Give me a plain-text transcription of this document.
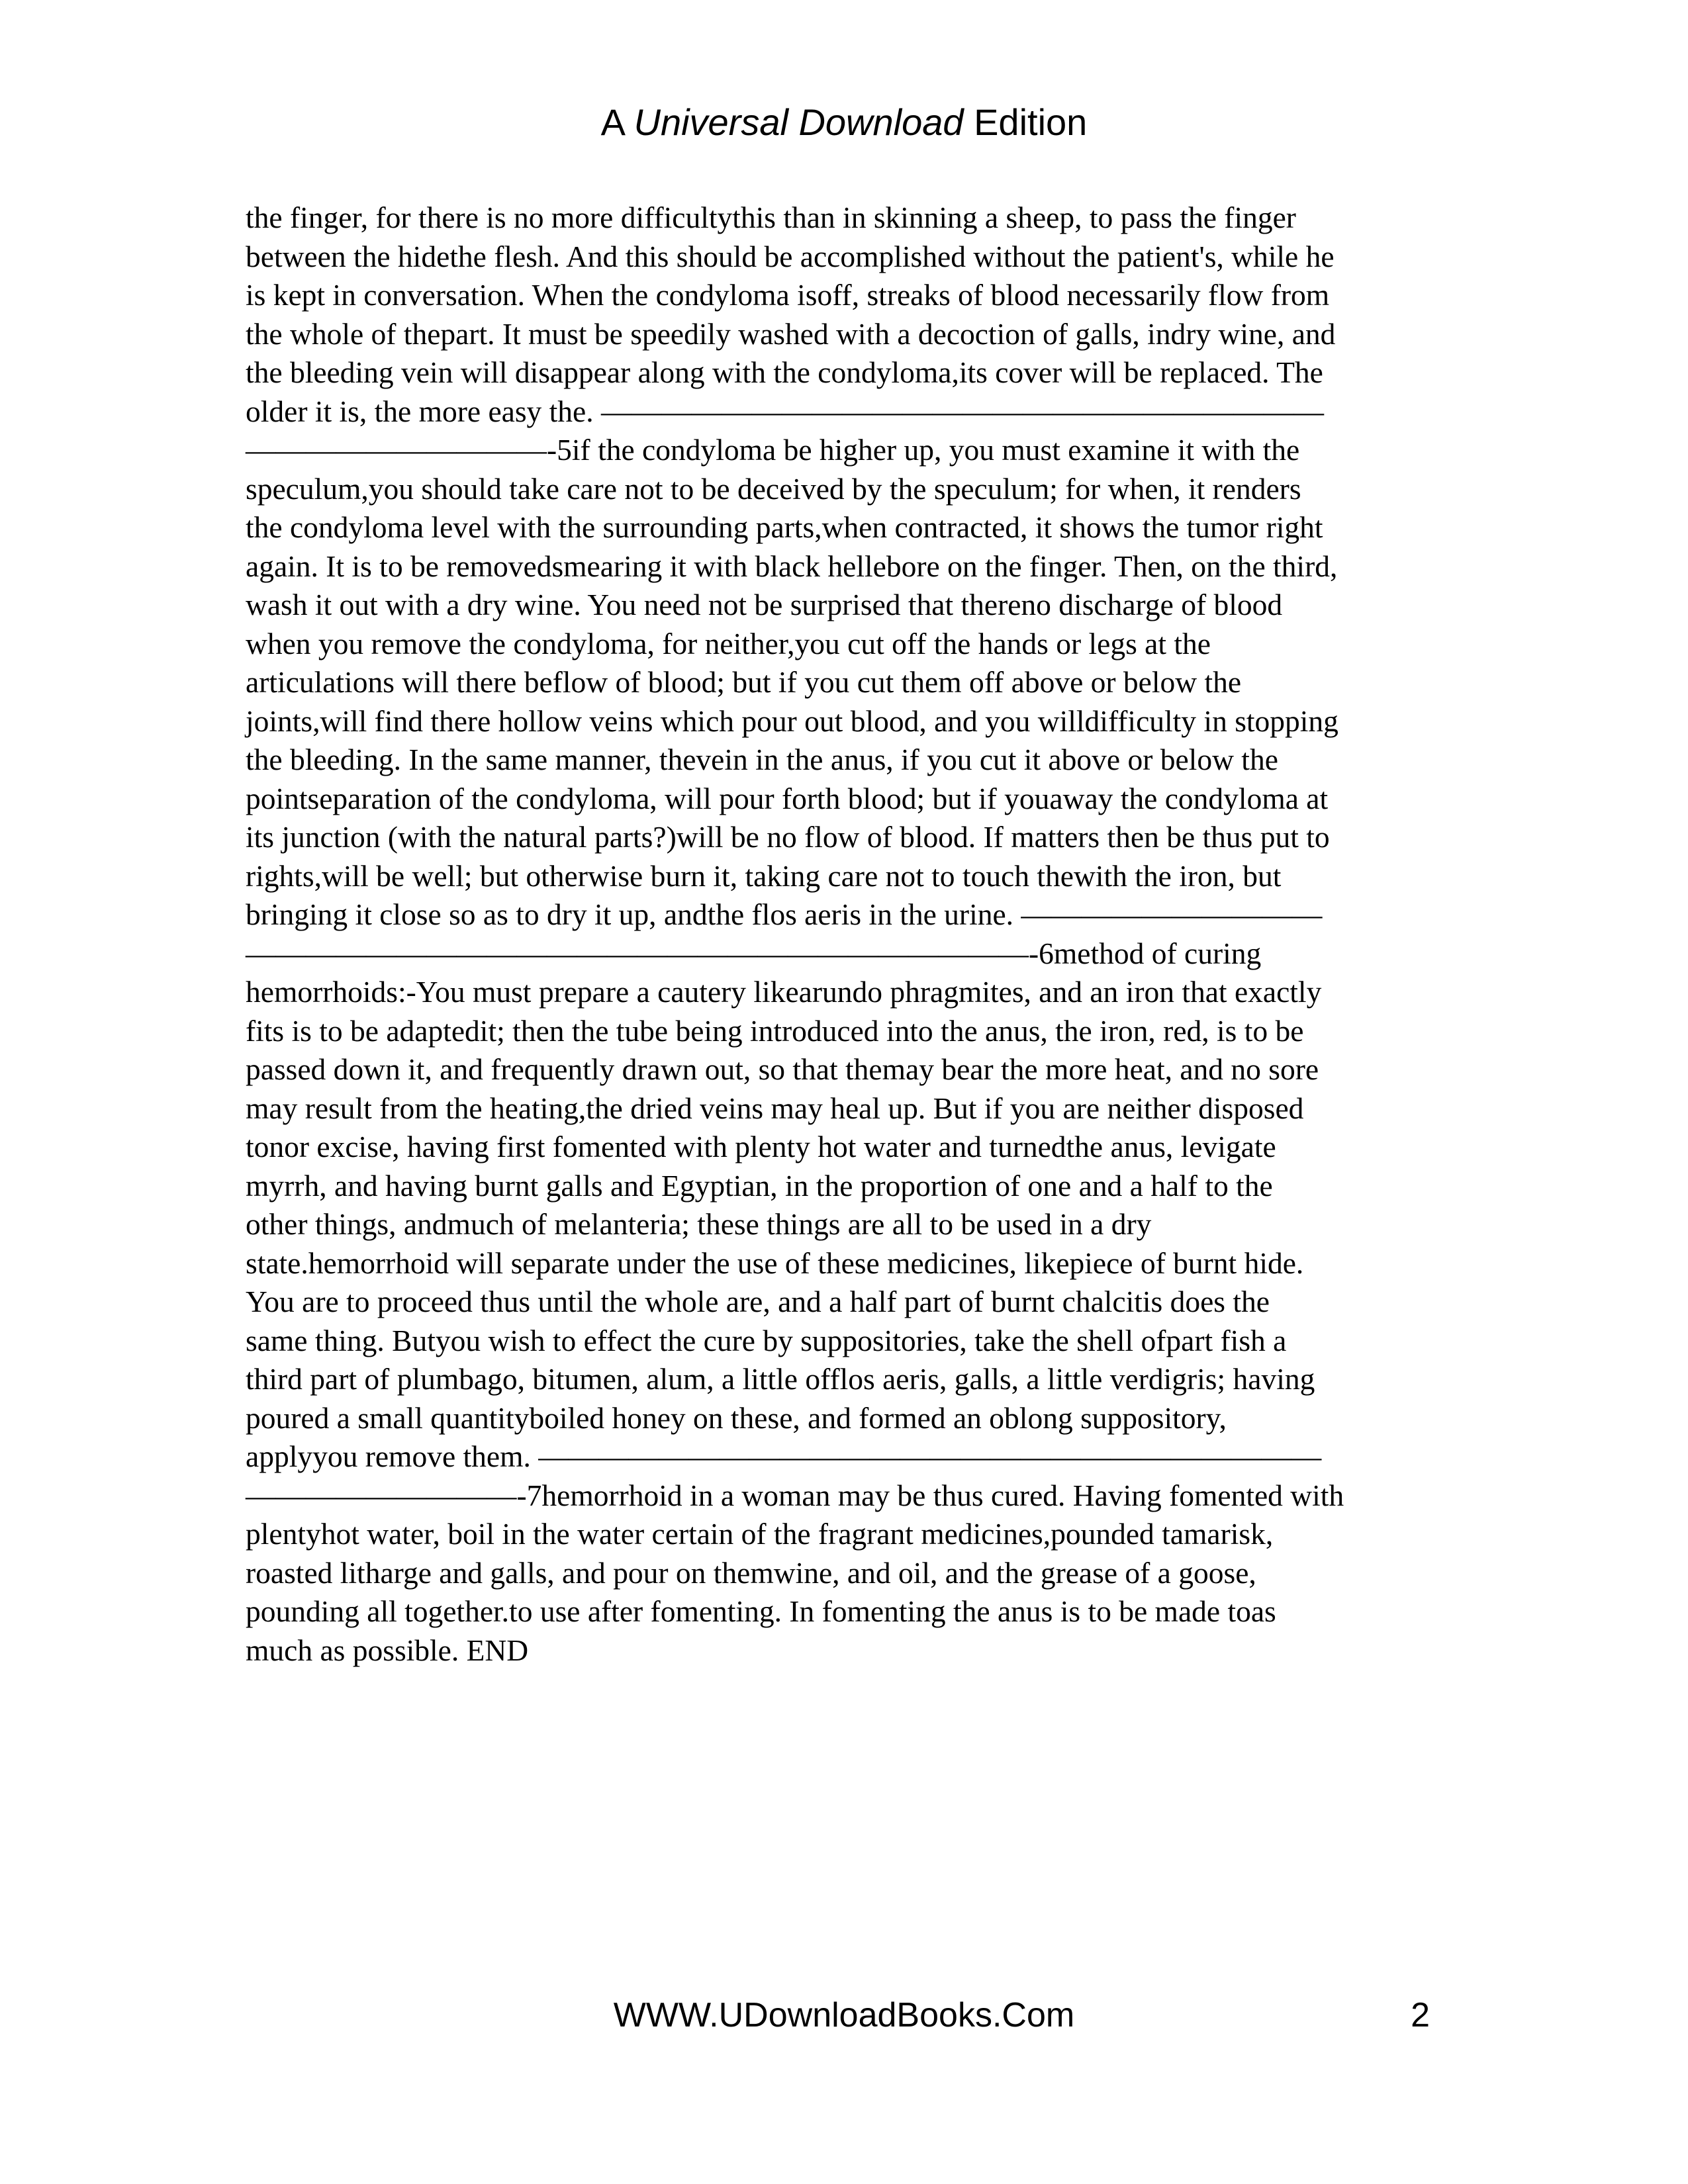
A Universal Download Edition
the finger, for there is no more difficultythis than in skinning a sheep, to pass the finger
between the hidethe flesh. And this should be accomplished without the patient's, while he
is kept in conversation. When the condyloma isoff, streaks of blood necessarily flow from
the whole of thepart. It must be speedily washed with a decoction of galls, indry wine, and
the bleeding vein will disappear along with the condyloma,its cover will be replaced. The
older it is, the more easy the. ————————————————————————
——————————-5if the condyloma be higher up, you must examine it with the
speculum,you should take care not to be deceived by the speculum; for when, it renders
the condyloma level with the surrounding parts,when contracted, it shows the tumor right
again. It is to be removedsmearing it with black hellebore on the finger. Then, on the third,
wash it out with a dry wine. You need not be surprised that thereno discharge of blood
when you remove the condyloma, for neither,you cut off the hands or legs at the
articulations will there beflow of blood; but if you cut them off above or below the
joints,will find there hollow veins which pour out blood, and you willdifficulty in stopping
the bleeding. In the same manner, thevein in the anus, if you cut it above or below the
pointseparation of the condyloma, will pour forth blood; but if youaway the condyloma at
its junction (with the natural parts?)will be no flow of blood. If matters then be thus put to
rights,will be well; but otherwise burn it, taking care not to touch thewith the iron, but
bringing it close so as to dry it up, andthe flos aeris in the urine. ——————————
——————————————————————————-6method of curing
hemorrhoids:-You must prepare a cautery likearundo phragmites, and an iron that exactly
fits is to be adaptedit; then the tube being introduced into the anus, the iron, red, is to be
passed down it, and frequently drawn out, so that themay bear the more heat, and no sore
may result from the heating,the dried veins may heal up. But if you are neither disposed
tonor excise, having first fomented with plenty hot water and turnedthe anus, levigate
myrrh, and having burnt galls and Egyptian, in the proportion of one and a half to the
other things, andmuch of melanteria; these things are all to be used in a dry
state.hemorrhoid will separate under the use of these medicines, likepiece of burnt hide.
You are to proceed thus until the whole are, and a half part of burnt chalcitis does the
same thing. Butyou wish to effect the cure by suppositories, take the shell ofpart fish a
third part of plumbago, bitumen, alum, a little offlos aeris, galls, a little verdigris; having
poured a small quantityboiled honey on these, and formed an oblong suppository,
applyyou remove them. ——————————————————————————
—————————-7hemorrhoid in a woman may be thus cured. Having fomented with
plentyhot water, boil in the water certain of the fragrant medicines,pounded tamarisk,
roasted litharge and galls, and pour on themwine, and oil, and the grease of a goose,
pounding all together.to use after fomenting. In fomenting the anus is to be made toas
much as possible. END
WWW.UDownloadBooks.Com	2
